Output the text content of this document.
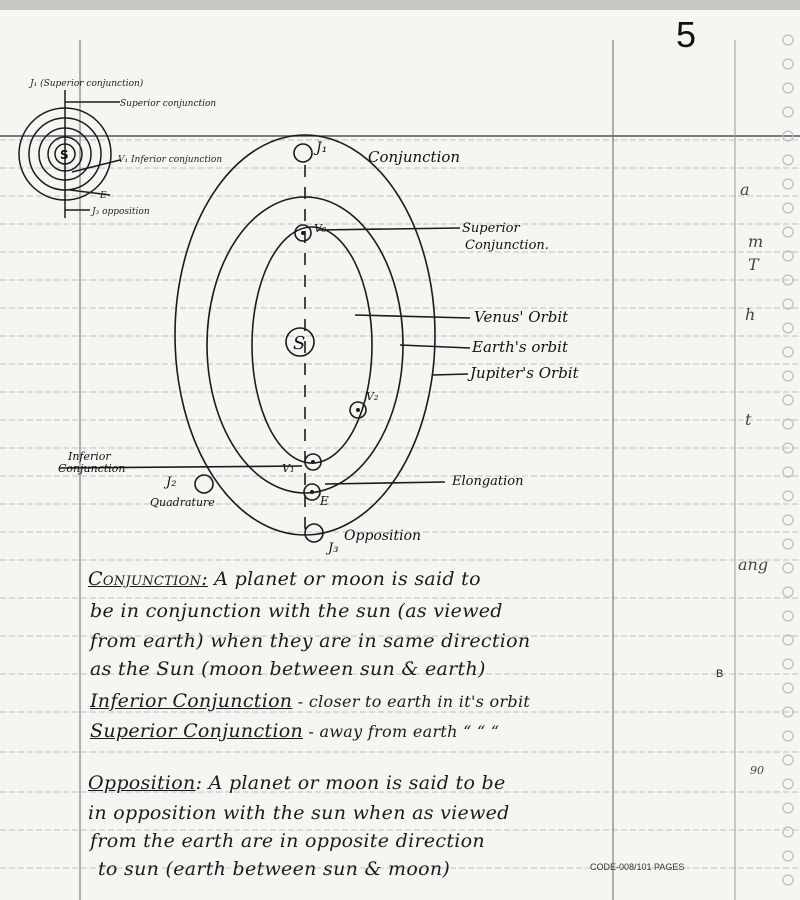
5
S
J₁ (Superior conjunction)
Superior conjunction
V₁ Inferior conjunction
E
J₃ opposition
S
J₁
V₃
V₂
V₁
E
J₂
J₃
Conjunction
Superior
Conjunction.
Venus' Orbit
Earth's orbit
Jupiter's Orbit
Inferior
Conjunction
Elongation
Quadrature
Opposition
Conjunction: A planet or moon is said to
be in conjunction with the sun (as viewed
from earth) when they are in same direction
as the Sun (moon between sun & earth)
Inferior Conjunction - closer to earth in it's orbit
Superior Conjunction - away from earth “ “ “
Opposition: A planet or moon is said to be
in opposition with the sun when as viewed
from the earth are in opposite direction
to sun (earth between sun & moon)
ang
t
h
T
m
a
90
B
CODE-008/101 PAGES
